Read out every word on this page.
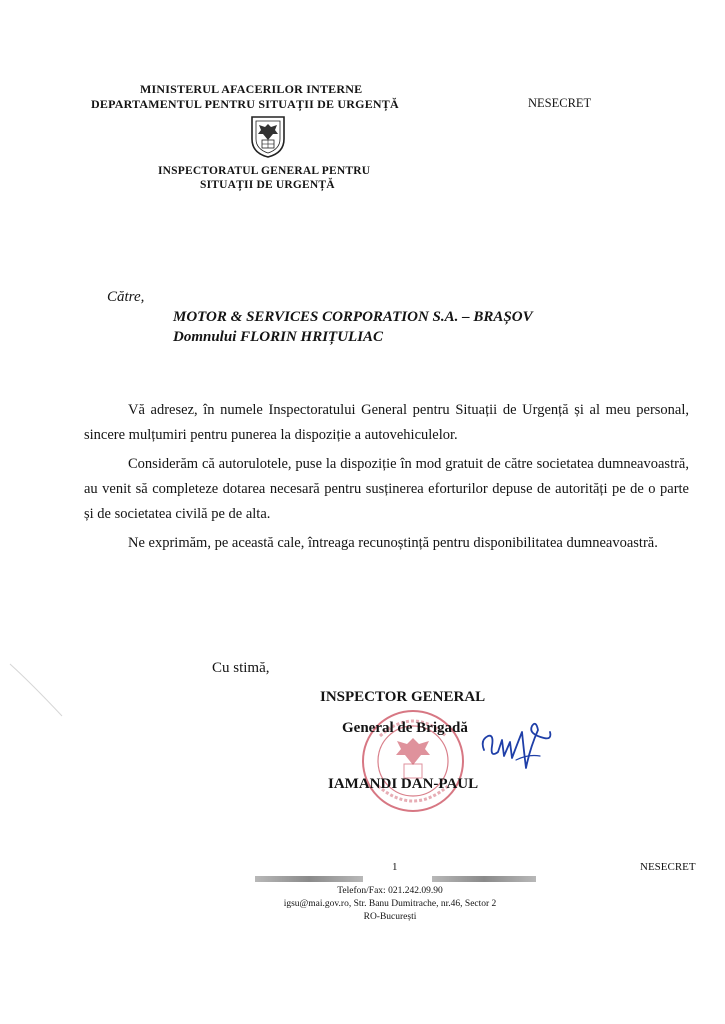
MINISTERUL AFACERILOR INTERNE
DEPARTAMENTUL PENTRU SITUAȚII DE URGENȚĂ	NESECRET
INSPECTORATUL GENERAL PENTRU
SITUAȚII DE URGENȚĂ
Către,
MOTOR & SERVICES CORPORATION S.A. – BRAȘOV
Domnului FLORIN HRIȚULIAC

Vă adresez, în numele Inspectoratului General pentru Situații de Urgență și al meu personal, sincere mulțumiri pentru punerea la dispoziție a autovehiculelor.

Considerăm că autorulotele, puse la dispoziție în mod gratuit de către societatea dumneavoastră, au venit să completeze dotarea necesară pentru susținerea eforturilor depuse de autorități pe de o parte și de societatea civilă pe de alta.

Ne exprimăm, pe această cale, întreaga recunoștință pentru disponibilitatea dumneavoastră.

Cu stimă,
INSPECTOR GENERAL
General de Brigadă
IAMANDI DAN-PAUL
1	NESECRET
Telefon/Fax: 021.242.09.90
igsu@mai.gov.ro, Str. Banu Dumitrache, nr.46, Sector 2
RO-București
